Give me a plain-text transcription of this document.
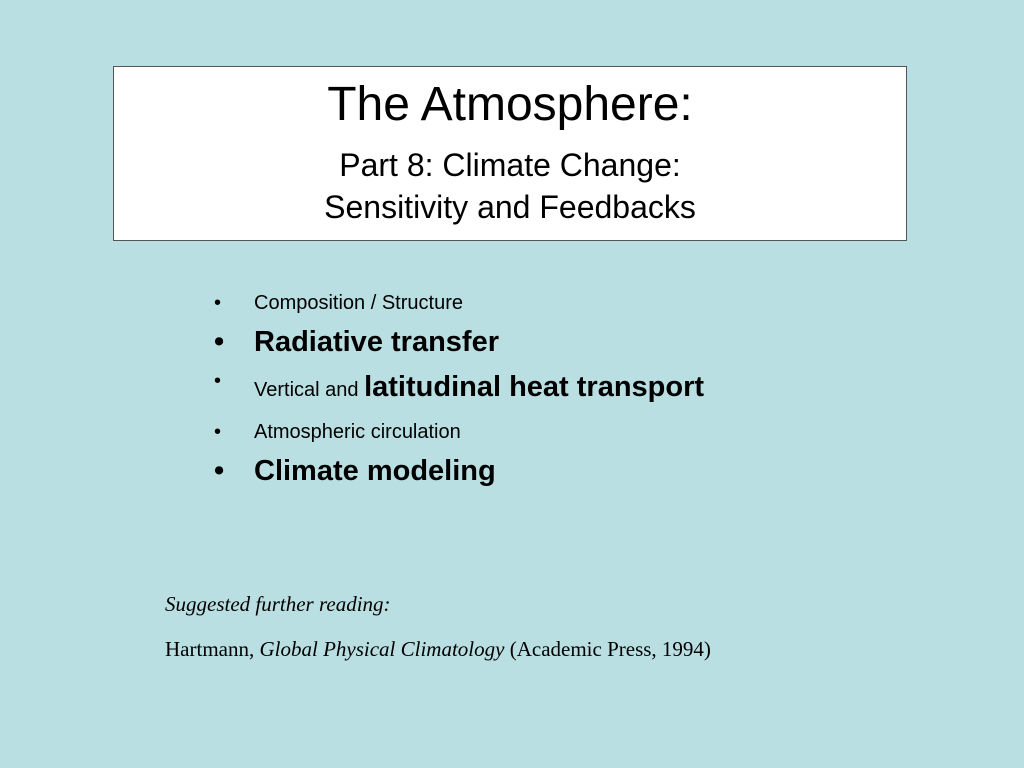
The Atmosphere:
Part 8: Climate Change:
Sensitivity and Feedbacks
• Composition / Structure
• Radiative transfer
• Vertical and latitudinal heat transport
• Atmospheric circulation
• Climate modeling
Suggested further reading:
Hartmann, Global Physical Climatology (Academic Press, 1994)
